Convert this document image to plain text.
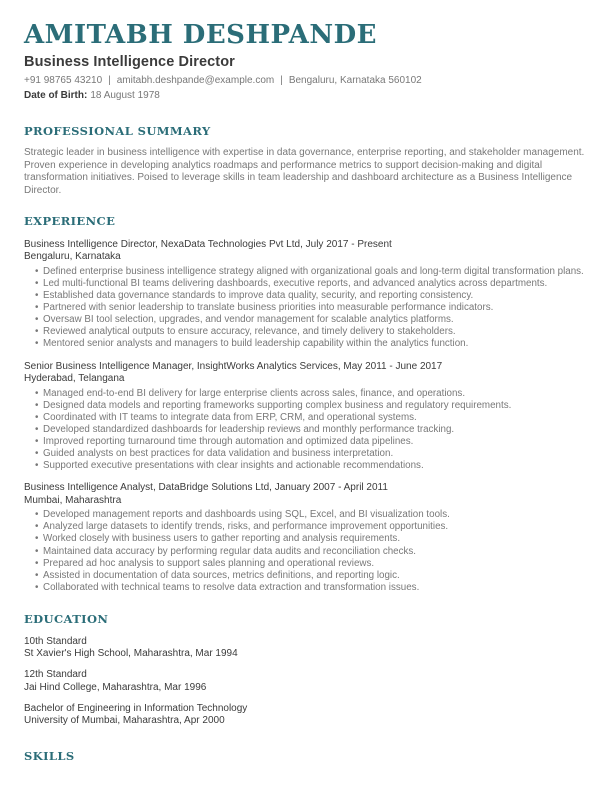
AMITABH DESHPANDE
Business Intelligence Director
+91 98765 43210 | amitabh.deshpande@example.com | Bengaluru, Karnataka 560102
Date of Birth: 18 August 1978
PROFESSIONAL SUMMARY

Strategic leader in business intelligence with expertise in data governance, enterprise reporting, and stakeholder management. Proven experience in developing analytics roadmaps and performance metrics to support decision-making and digital transformation initiatives. Poised to leverage skills in team leadership and dashboard architecture as a Business Intelligence Director.

EXPERIENCE
Business Intelligence Director, NexaData Technologies Pvt Ltd, July 2017 - Present
Bengaluru, Karnataka
• Defined enterprise business intelligence strategy aligned with organizational goals and long-term digital transformation plans.
• Led multi-functional BI teams delivering dashboards, executive reports, and advanced analytics across departments.
• Established data governance standards to improve data quality, security, and reporting consistency.
• Partnered with senior leadership to translate business priorities into measurable performance indicators.
• Oversaw BI tool selection, upgrades, and vendor management for scalable analytics platforms.
• Reviewed analytical outputs to ensure accuracy, relevance, and timely delivery to stakeholders.
• Mentored senior analysts and managers to build leadership capability within the analytics function.
Senior Business Intelligence Manager, InsightWorks Analytics Services, May 2011 - June 2017
Hyderabad, Telangana
• Managed end-to-end BI delivery for large enterprise clients across sales, finance, and operations.
• Designed data models and reporting frameworks supporting complex business and regulatory requirements.
• Coordinated with IT teams to integrate data from ERP, CRM, and operational systems.
• Developed standardized dashboards for leadership reviews and monthly performance tracking.
• Improved reporting turnaround time through automation and optimized data pipelines.
• Guided analysts on best practices for data validation and business interpretation.
• Supported executive presentations with clear insights and actionable recommendations.
Business Intelligence Analyst, DataBridge Solutions Ltd, January 2007 - April 2011
Mumbai, Maharashtra
• Developed management reports and dashboards using SQL, Excel, and BI visualization tools.
• Analyzed large datasets to identify trends, risks, and performance improvement opportunities.
• Worked closely with business users to gather reporting and analysis requirements.
• Maintained data accuracy by performing regular data audits and reconciliation checks.
• Prepared ad hoc analysis to support sales planning and operational reviews.
• Assisted in documentation of data sources, metrics definitions, and reporting logic.
• Collaborated with technical teams to resolve data extraction and transformation issues.
EDUCATION
10th Standard
St Xavier's High School, Maharashtra, Mar 1994
12th Standard
Jai Hind College, Maharashtra, Mar 1996
Bachelor of Engineering in Information Technology
University of Mumbai, Maharashtra, Apr 2000
SKILLS
